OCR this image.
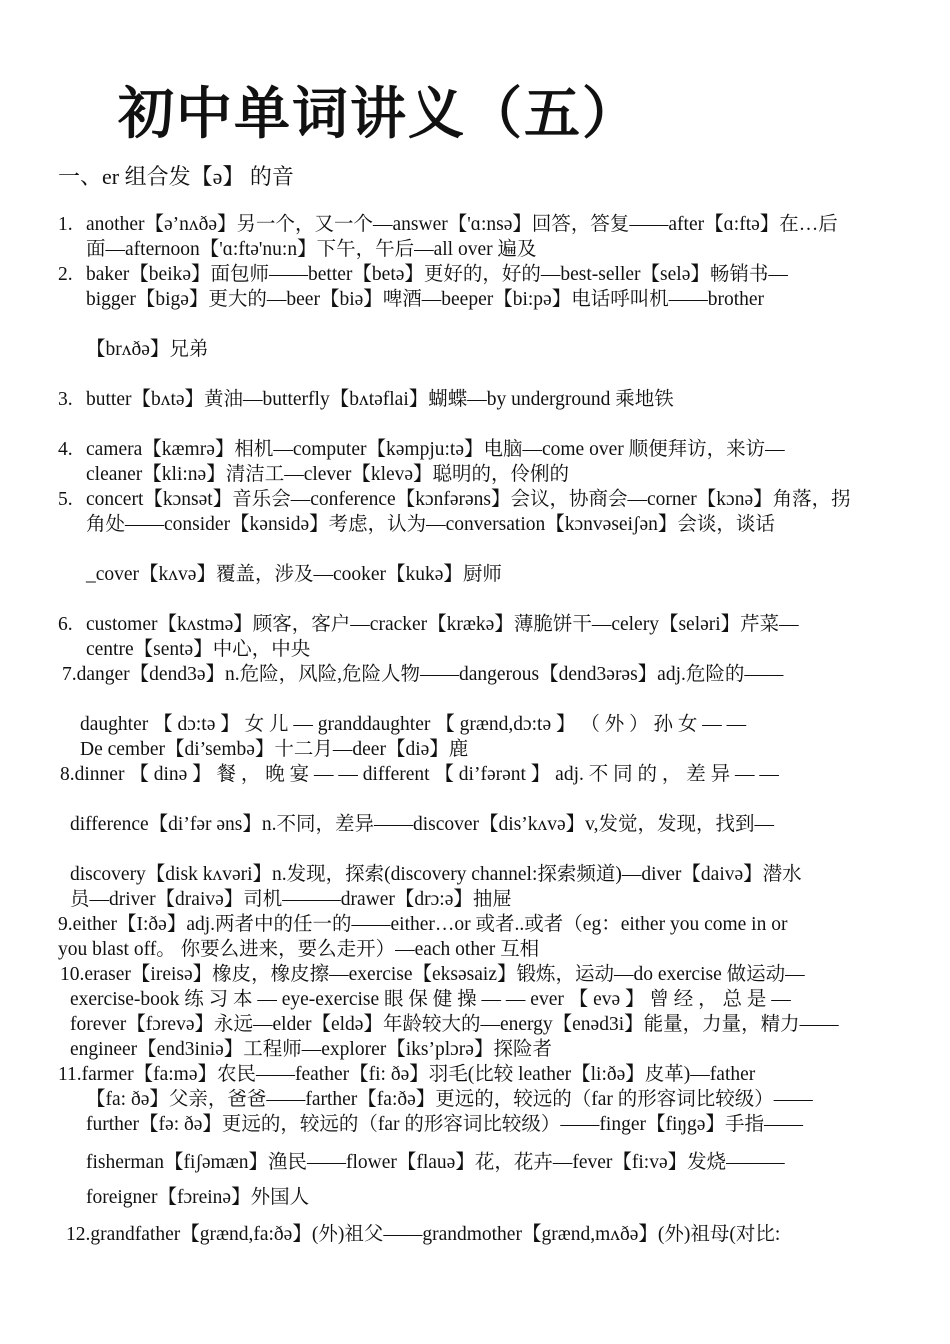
初中单词讲义（五）
一、er 组合发【ə】 的音
1. another【ə’nʌðə】另一个，又一个—answer【'ɑ:nsə】回答，答复——after【ɑ:ftə】在…后
面—afternoon【'ɑ:ftə'nu:n】下午，午后—all over 遍及
2. baker【beikə】面包师——better【betə】更好的，好的—best-seller【selə】畅销书—
bigger【bigə】更大的—beer【biə】啤酒—beeper【bi:pə】电话呼叫机——brother
【brʌðə】兄弟
3. butter【bʌtə】黄油—butterfly【bʌtəflai】蝴蝶—by underground 乘地铁
4. camera【kæmrə】相机—computer【kəmpju:tə】电脑—come over 顺便拜访，来访—
cleaner【kli:nə】清洁工—clever【klevə】聪明的，伶俐的
5. concert【kɔnsət】音乐会—conference【kɔnfərəns】会议，协商会—corner【kɔnə】角落，拐
角处——consider【kənsidə】考虑，认为—conversation【kɔnvəseiʃən】会谈，谈话
_cover【kʌvə】覆盖，涉及—cooker【kukə】厨师
6. customer【kʌstmə】顾客，客户—cracker【krækə】薄脆饼干—celery【seləri】芹菜—
centre【sentə】中心，中央
7.danger【dend3ə】n.危险，风险,危险人物——dangerous【dend3ərəs】adj.危险的——
daughter 【 dɔ:tə 】 女 儿 — granddaughter 【 grænd,dɔ:tə 】 （ 外 ） 孙 女 — —
De cember【di’sembə】十二月—deer【diə】鹿
8.dinner 【 dinə 】 餐 ， 晚 宴 — — different 【 di’fərənt 】 adj. 不 同 的 ， 差 异 — —
difference【di’fər əns】n.不同，差异——discover【dis’kʌvə】v,发觉，发现，找到—
discovery【disk kʌvəri】n.发现，探索(discovery channel:探索频道)—diver【daivə】潜水
员—driver【draivə】司机———drawer【drɔ:ə】抽屉
9.either【I:ðə】adj.两者中的任一的——either…or 或者..或者（eg：either you come in or
you blast off。 你要么进来，要么走开）—each other 互相
10.eraser【ireisə】橡皮，橡皮擦—exercise【eksəsaiz】锻炼，运动—do exercise 做运动—
exercise-book 练 习 本 — eye-exercise 眼 保 健 操 — — ever 【 evə 】 曾 经 ， 总 是 —
forever【fɔrevə】永远—elder【eldə】年龄较大的—energy【enəd3i】能量，力量，精力——
engineer【end3iniə】工程师—explorer【iks’plɔrə】探险者
11.farmer【fa:mə】农民——feather【fi: ðə】羽毛(比较 leather【li:ðə】皮革)—father
【fa: ðə】父亲，爸爸——farther【fa:ðə】更远的，较远的（far 的形容词比较级）——
further【fə: ðə】更远的，较远的（far 的形容词比较级）——finger【fiŋgə】手指——
fisherman【fiʃəmæn】渔民——flower【flauə】花，花卉—fever【fi:və】发烧———
foreigner【fɔreinə】外国人
12.grandfather【grænd,fa:ðə】(外)祖父——grandmother【grænd,mʌðə】(外)祖母(对比:
